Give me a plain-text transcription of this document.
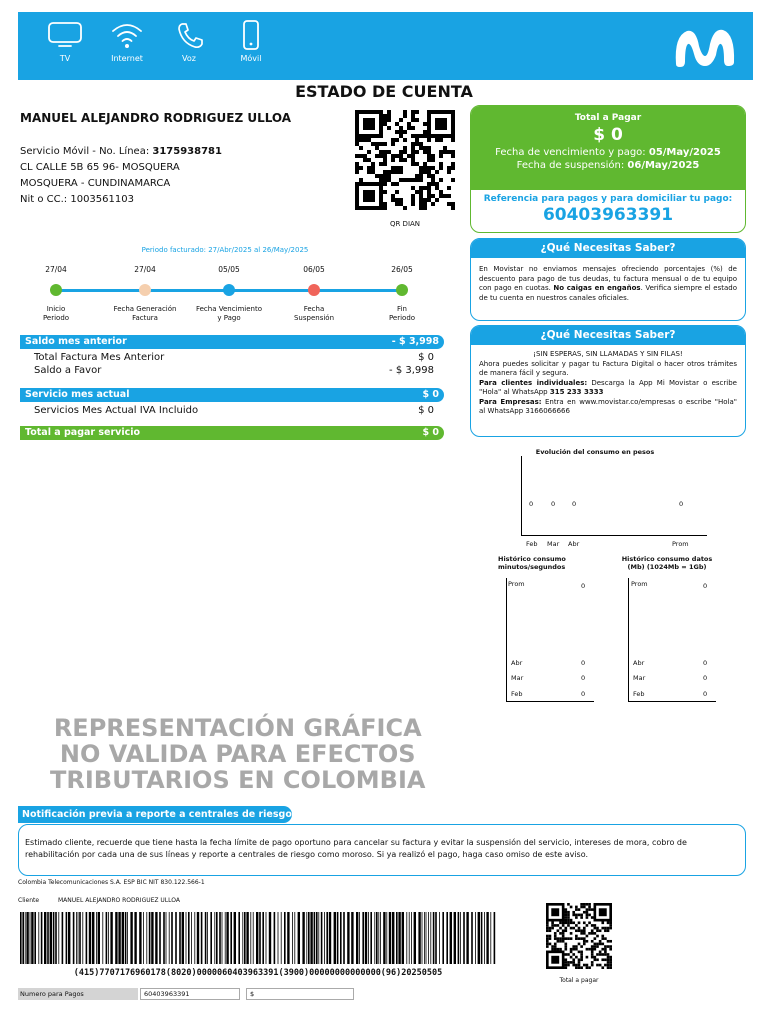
TV	Internet	Voz	Móvil
ESTADO DE CUENTA
MANUEL ALEJANDRO RODRIGUEZ ULLOA
Servicio Móvil - No. Línea: 3175938781
CL CALLE 5B 65 96- MOSQUERA
MOSQUERA - CUNDINAMARCA
Nit o CC.: 1003561103
QR DIAN
Total a Pagar
$ 0
Fecha de vencimiento y pago: 05/May/2025
Fecha de suspensión: 06/May/2025
Referencia para pagos y para domiciliar tu pago:
60403963391
¿Qué Necesitas Saber?
En Movistar no enviamos mensajes ofreciendo porcentajes (%) de descuento para pago de tus deudas, tu factura mensual o de tu equipo con pago en cuotas. No caigas en engaños. Verifica siempre el estado de tu cuenta en nuestros canales oficiales.
¿Qué Necesitas Saber?
¡SIN ESPERAS, SIN LLAMADAS Y SIN FILAS!
Ahora puedes solicitar y pagar tu Factura Digital o hacer otros trámites de manera fácil y segura.
Para clientes individuales: Descarga la App Mi Movistar o escribe "Hola" al WhatsApp 315 233 3333
Para Empresas: Entra en www.movistar.co/empresas o escribe "Hola" al WhatsApp 3166066666
Periodo facturado: 27/Abr/2025 al 26/May/2025
27/04	27/04	05/05	06/05	26/05
Inicio
Periodo
Fecha Generación
Factura
Fecha Vencimiento
y Pago
Fecha
Suspensión
Fin
Periodo
Saldo mes anterior	- $ 3,998
Total Factura Mes Anterior	$ 0
Saldo a Favor	- $ 3,998
Servicio mes actual	$ 0
Servicios Mes Actual IVA Incluido	$ 0
Total a pagar servicio	$ 0
Evolución del consumo en pesos
0	0	0	0
Feb Mar Abr	Prom
Histórico consumo
minutos/segundos
Prom	0
Abr	0
Mar	0
Feb	0
Histórico consumo datos
(Mb) (1024Mb = 1Gb)
Prom	0
Abr	0
Mar	0
Feb	0
REPRESENTACIÓN GRÁFICA
NO VALIDA PARA EFECTOS
TRIBUTARIOS EN COLOMBIA
Notificación previa a reporte a centrales de riesgo
Estimado cliente, recuerde que tiene hasta la fecha límite de pago oportuno para cancelar su factura y evitar la suspensión del servicio, intereses de mora, cobro de rehabilitación por cada una de sus líneas y reporte a centrales de riesgo como moroso. Si ya realizó el pago, haga caso omiso de este aviso.
Colombia Telecomunicaciones S.A. ESP BIC NIT 830.122.566-1
Cliente	MANUEL ALEJANDRO RODRIGUEZ ULLOA
(415)7707176960178(8020)0000060403963391(3900)00000000000000(96)20250505
Total a pagar
Numero para Pagos	60403963391	$
